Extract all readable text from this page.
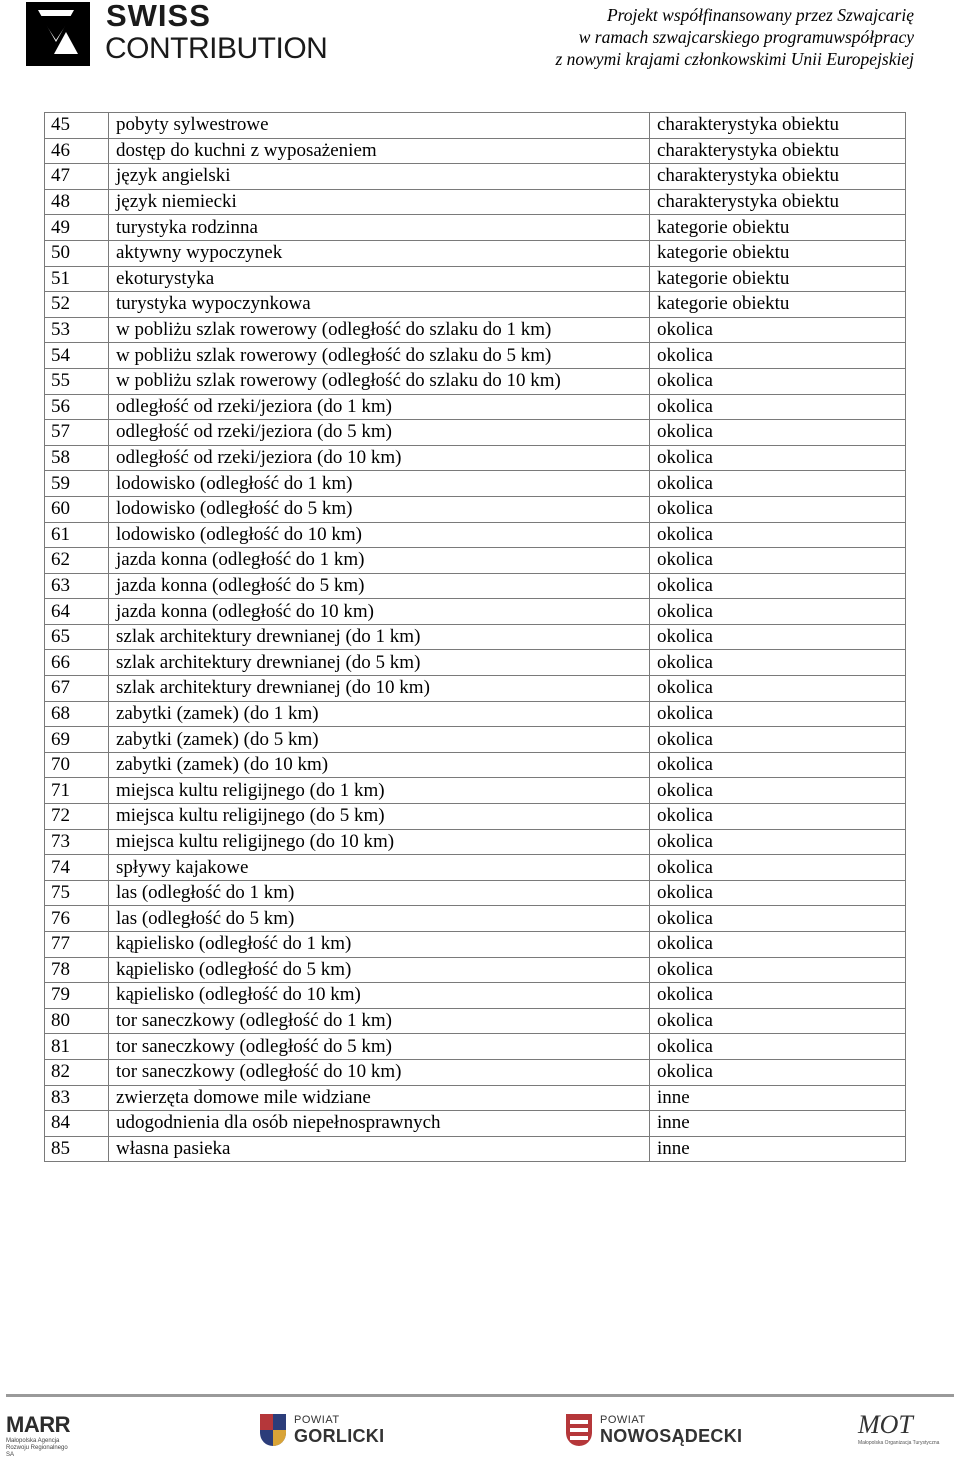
SWISS
CONTRIBUTION
Projekt współfinansowany przez Szwajcarię
w ramach szwajcarskiego programuwspółpracy
z nowymi krajami członkowskimi Unii Europejskiej
45	pobyty sylwestrowe	charakterystyka obiektu
46	dostęp do kuchni z wyposażeniem	charakterystyka obiektu
47	język angielski	charakterystyka obiektu
48	język niemiecki	charakterystyka obiektu
49	turystyka rodzinna	kategorie obiektu
50	aktywny wypoczynek	kategorie obiektu
51	ekoturystyka	kategorie obiektu
52	turystyka wypoczynkowa	kategorie obiektu
53	w pobliżu szlak rowerowy (odległość do szlaku do 1 km)	okolica
54	w pobliżu szlak rowerowy (odległość do szlaku do 5 km)	okolica
55	w pobliżu szlak rowerowy (odległość do szlaku do 10 km)	okolica
56	odległość od rzeki/jeziora (do 1 km)	okolica
57	odległość od rzeki/jeziora (do 5 km)	okolica
58	odległość od rzeki/jeziora (do 10 km)	okolica
59	lodowisko (odległość do 1 km)	okolica
60	lodowisko (odległość do 5 km)	okolica
61	lodowisko (odległość do 10 km)	okolica
62	jazda konna (odległość do 1 km)	okolica
63	jazda konna (odległość do 5 km)	okolica
64	jazda konna (odległość do 10 km)	okolica
65	szlak architektury drewnianej (do 1 km)	okolica
66	szlak architektury drewnianej (do 5 km)	okolica
67	szlak architektury drewnianej (do 10 km)	okolica
68	zabytki (zamek) (do 1 km)	okolica
69	zabytki (zamek) (do 5 km)	okolica
70	zabytki (zamek) (do 10 km)	okolica
71	miejsca kultu religijnego (do 1 km)	okolica
72	miejsca kultu religijnego (do 5 km)	okolica
73	miejsca kultu religijnego (do 10 km)	okolica
74	spływy kajakowe	okolica
75	las (odległość do 1 km)	okolica
76	las (odległość do 5 km)	okolica
77	kąpielisko (odległość do 1 km)	okolica
78	kąpielisko (odległość do 5 km)	okolica
79	kąpielisko (odległość do 10 km)	okolica
80	tor saneczkowy (odległość do 1 km)	okolica
81	tor saneczkowy (odległość do 5 km)	okolica
82	tor saneczkowy (odległość do 10 km)	okolica
83	zwierzęta domowe mile widziane	inne
84	udogodnienia dla osób niepełnosprawnych	inne
85	własna pasieka	inne
MARR
Małopolska Agencja Rozwoju Regionalnego SA
POWIAT
GORLICKI
POWIAT
NOWOSĄDECKI	MOT
Małopolska Organizacja Turystyczna
